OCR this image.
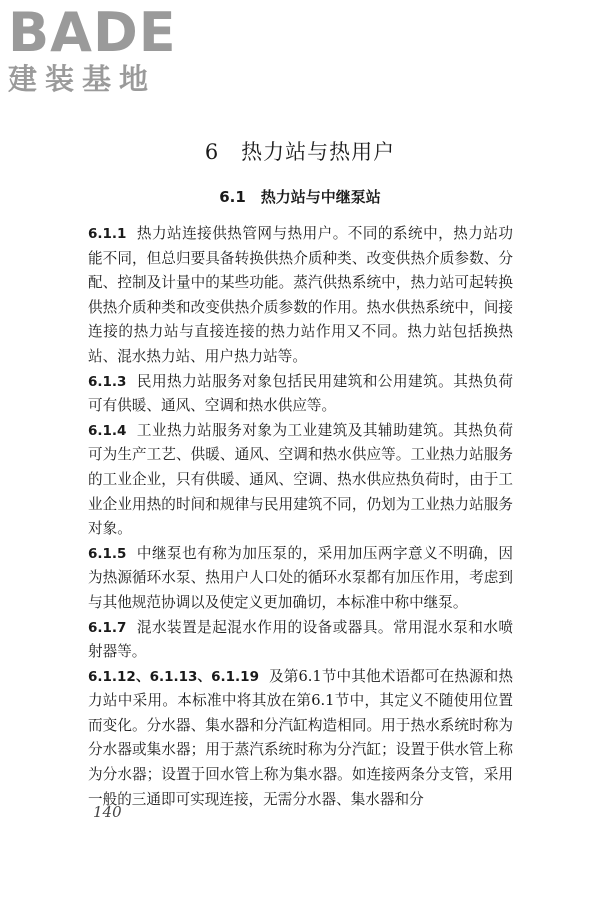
BADE
建装基地
6　热力站与热用户
6.1　热力站与中继泵站

6.1.1 热力站连接供热管网与热用户。不同的系统中，热力站功能不同，但总归要具备转换供热介质种类、改变供热介质参数、分配、控制及计量中的某些功能。蒸汽供热系统中，热力站可起转换供热介质种类和改变供热介质参数的作用。热水供热系统中，间接连接的热力站与直接连接的热力站作用又不同。热力站包括换热站、混水热力站、用户热力站等。

6.1.3 民用热力站服务对象包括民用建筑和公用建筑。其热负荷可有供暖、通风、空调和热水供应等。

6.1.4 工业热力站服务对象为工业建筑及其辅助建筑。其热负荷可为生产工艺、供暖、通风、空调和热水供应等。工业热力站服务的工业企业，只有供暖、通风、空调、热水供应热负荷时，由于工业企业用热的时间和规律与民用建筑不同，仍划为工业热力站服务对象。

6.1.5 中继泵也有称为加压泵的，采用加压两字意义不明确，因为热源循环水泵、热用户人口处的循环水泵都有加压作用，考虑到与其他规范协调以及使定义更加确切，本标准中称中继泵。

6.1.7 混水装置是起混水作用的设备或器具。常用混水泵和水喷射器等。

6.1.12、6.1.13、6.1.19 及第6.1节中其他术语都可在热源和热力站中采用。本标准中将其放在第6.1节中，其定义不随使用位置而变化。分水器、集水器和分汽缸构造相同。用于热水系统时称为分水器或集水器；用于蒸汽系统时称为分汽缸；设置于供水管上称为分水器；设置于回水管上称为集水器。如连接两条分支管，采用一般的三通即可实现连接，无需分水器、集水器和分

140
